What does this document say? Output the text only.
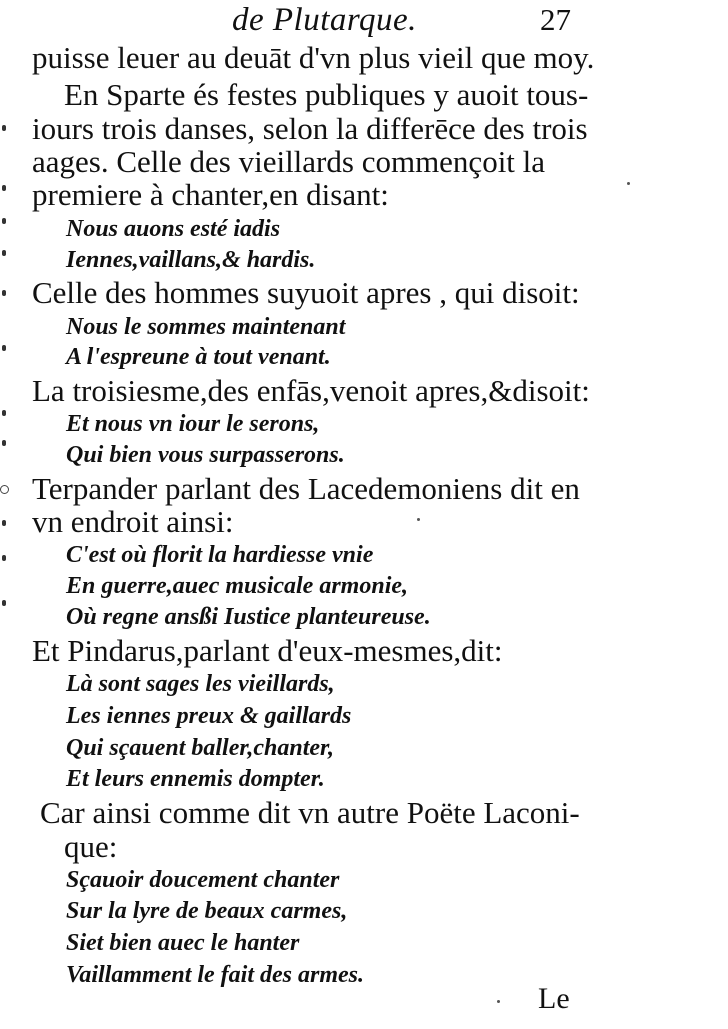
de Plutarque.	27
puisse leuer au deuāt d'vn plus vieil que moy.
En Sparte és festes publiques y auoit tous-
iours trois danses, selon la differēce des trois
aages. Celle des vieillards commençoit la
premiere à chanter,en disant:
Nous auons esté iadis
Iennes,vaillans,& hardis.
Celle des hommes suyuoit apres , qui disoit:
Nous le sommes maintenant
A l'espreune à tout venant.
La troisiesme,des enfās,venoit apres,&disoit:
Et nous vn iour le serons,
Qui bien vous surpasserons.
Terpander parlant des Lacedemoniens dit en
vn endroit ainsi:
C'est où florit la hardiesse vnie
En guerre,auec musicale armonie,
Où regne ansßi Iustice planteureuse.
Et Pindarus,parlant d'eux-mesmes,dit:
Là sont sages les vieillards,
Les iennes preux & gaillards
Qui sçauent baller,chanter,
Et leurs ennemis dompter.
Car ainsi comme dit vn autre Poëte Laconi-
que:
Sçauoir doucement chanter
Sur la lyre de beaux carmes,
Siet bien auec le hanter
Vaillamment le fait des armes.
Le
